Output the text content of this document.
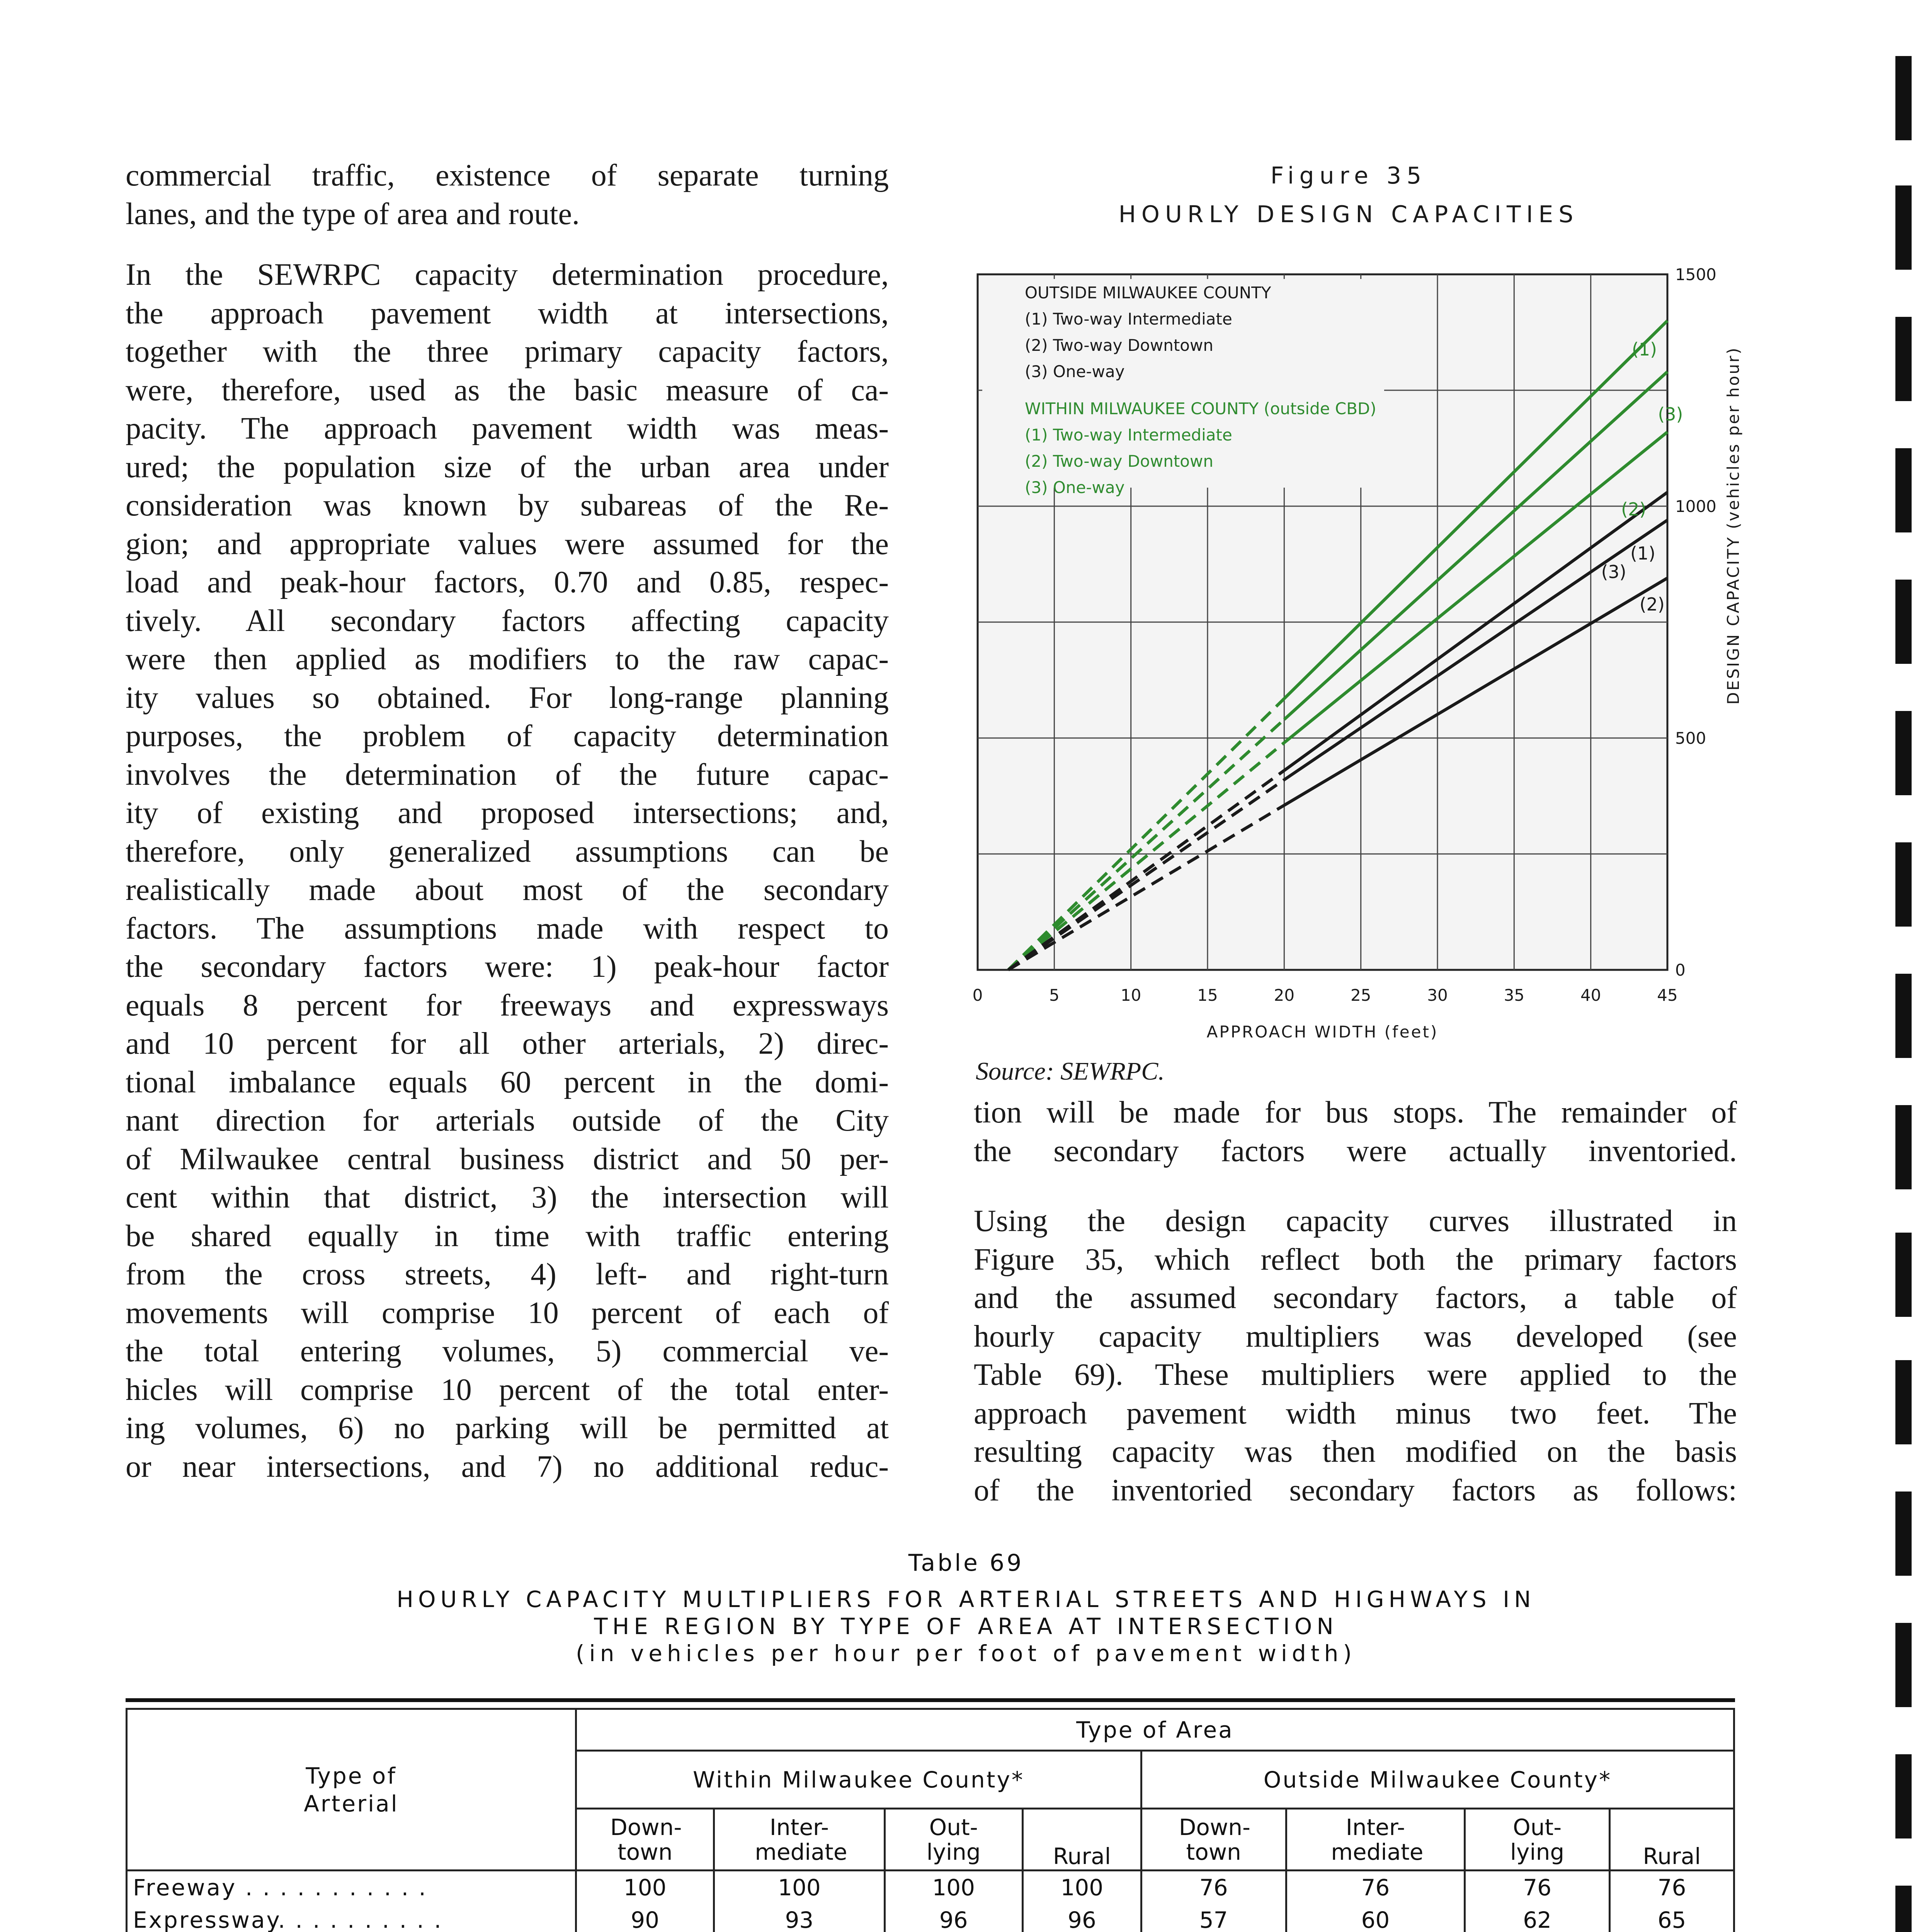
commercial traffic, existence of separate turning
lanes, and the type of area and route.
In the SEWRPC capacity determination procedure,
the approach pavement width at intersections,
together with the three primary capacity factors,
were, therefore, used as the basic measure of ca-
pacity. The approach pavement width was meas-
ured; the population size of the urban area under
consideration was known by subareas of the Re-
gion; and appropriate values were assumed for the
load and peak-hour factors, 0.70 and 0.85, respec-
tively. All secondary factors affecting capacity
were then applied as modifiers to the raw capac-
ity values so obtained. For long-range planning
purposes, the problem of capacity determination
involves the determination of the future capac-
ity of existing and proposed intersections; and,
therefore, only generalized assumptions can be
realistically made about most of the secondary
factors. The assumptions made with respect to
the secondary factors were: 1) peak-hour factor
equals 8 percent for freeways and expressways
and 10 percent for all other arterials, 2) direc-
tional imbalance equals 60 percent in the domi-
nant direction for arterials outside of the City
of Milwaukee central business district and 50 per-
cent within that district, 3) the intersection will
be shared equally in time with traffic entering
from the cross streets, 4) left- and right-turn
movements will comprise 10 percent of each of
the total entering volumes, 5) commercial ve-
hicles will comprise 10 percent of the total enter-
ing volumes, 6) no parking will be permitted at
or near intersections, and 7) no additional reduc-
Figure 35
HOURLY DESIGN CAPACITIES
(1)
(3)
(2)
(1)
(3)
(2)
OUTSIDE MILWAUKEE COUNTY
(1) Two-way Intermediate
(2) Two-way Downtown
(3) One-way
WITHIN MILWAUKEE COUNTY (outside CBD)
(1) Two-way Intermediate
(2) Two-way Downtown
(3) One-way
0	5	10	15	20	25	30	35	40	45
APPROACH WIDTH (feet)
0
500
1000
1500
DESIGN CAPACITY (vehicles per hour)
Source: SEWRPC.
tion will be made for bus stops. The remainder of
the secondary factors were actually inventoried.
Using the design capacity curves illustrated in
Figure 35, which reflect both the primary factors
and the assumed secondary factors, a table of
hourly capacity multipliers was developed (see
Table 69). These multipliers were applied to the
approach pavement width minus two feet. The
resulting capacity was then modified on the basis
of the inventoried secondary factors as follows:
Table 69
HOURLY CAPACITY MULTIPLIERS FOR ARTERIAL STREETS AND HIGHWAYS IN
THE REGION BY TYPE OF AREA AT INTERSECTION
(in vehicles per hour per foot of pavement width)
Type of Arterial	Type of Area							
	Within Milwaukee County*				Outside Milwaukee County*			

	Down- town	Inter- mediate	Out- lying	Rural	Down- town	Inter- mediate	Out- lying	Rural
Freeway . . . . . . . . . . .	100	100	100	100	76	76	76	76
Expressway. . . . . . . . . .	90	93	96	96	57	60	62	65
